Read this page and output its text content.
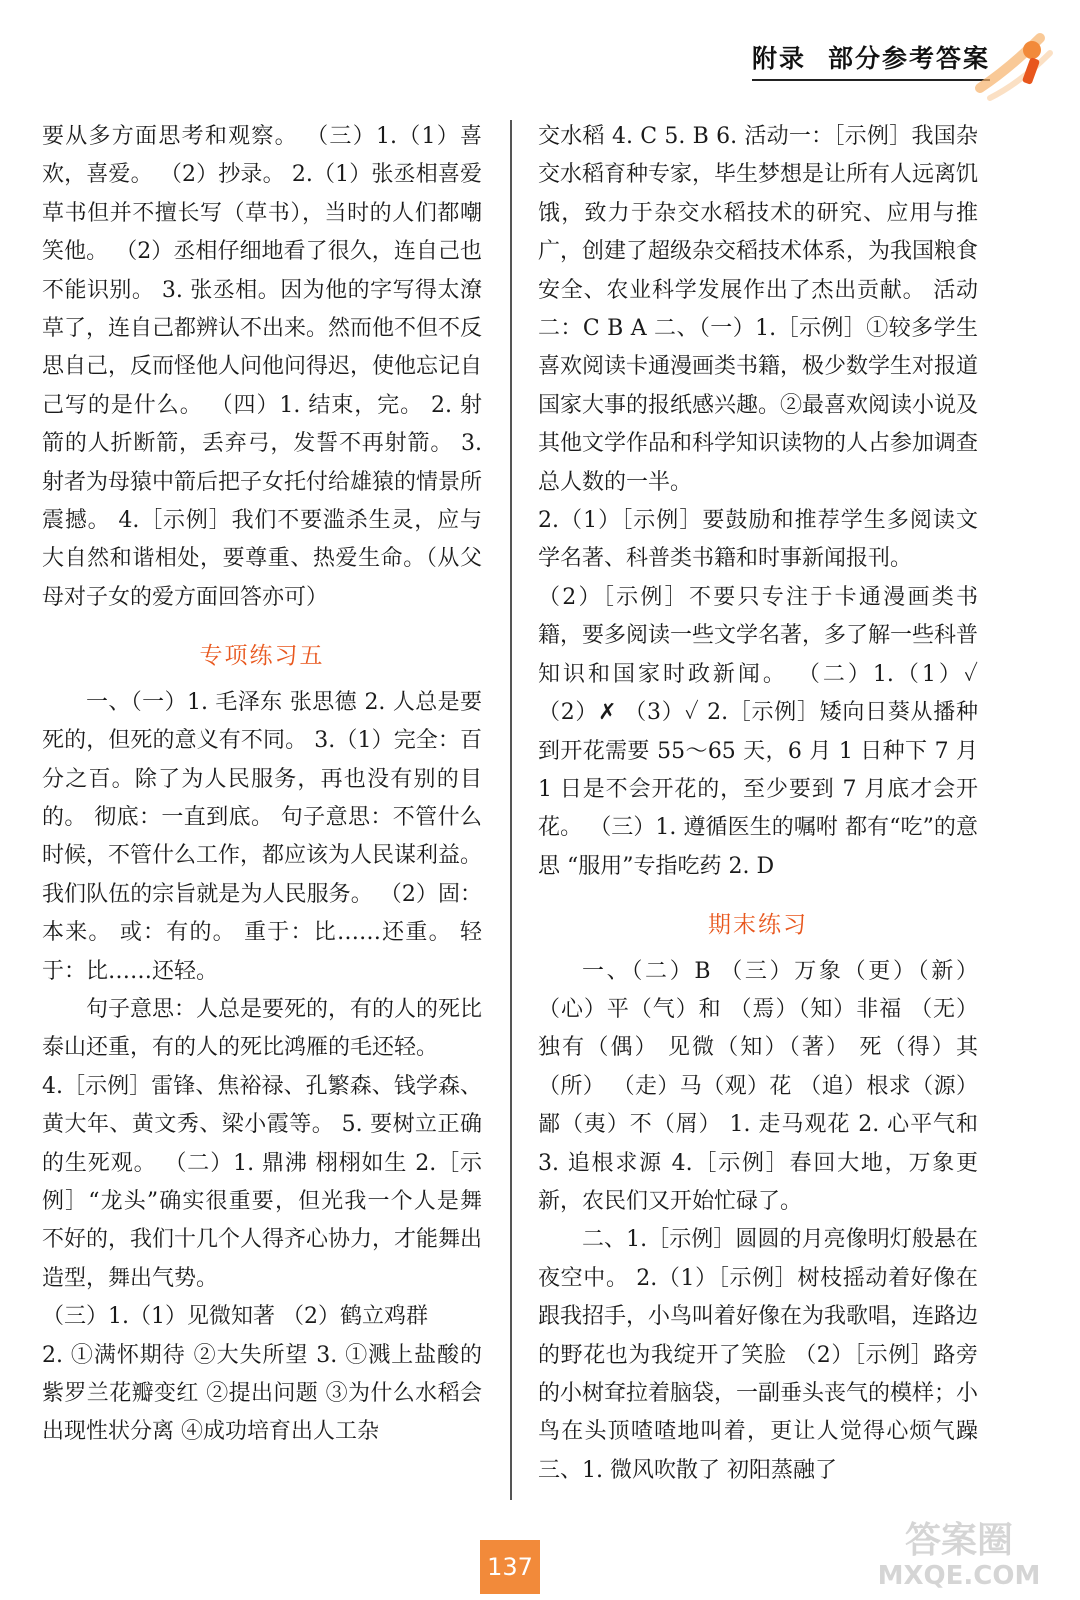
附录 部分参考答案
要从多方面思考和观察。 （三）1.（1）喜欢，喜爱。 （2）抄录。 2.（1）张丞相喜爱草书但并不擅长写（草书），当时的人们都嘲笑他。 （2）丞相仔细地看了很久，连自己也不能识别。 3. 张丞相。因为他的字写得太潦草了，连自己都辨认不出来。然而他不但不反思自己，反而怪他人问他问得迟，使他忘记自己写的是什么。 （四）1. 结束，完。 2. 射箭的人折断箭，丢弃弓，发誓不再射箭。 3. 射者为母猿中箭后把子女托付给雄猿的情景所震撼。 4.［示例］我们不要滥杀生灵，应与大自然和谐相处，要尊重、热爱生命。（从父母对子女的爱方面回答亦可）
专项练习五
一、（一）1. 毛泽东 张思德 2. 人总是要死的，但死的意义有不同。 3.（1）完全：百分之百。除了为人民服务，再也没有别的目的。 彻底：一直到底。 句子意思：不管什么时候，不管什么工作，都应该为人民谋利益。我们队伍的宗旨就是为人民服务。 （2）固：本来。 或：有的。 重于：比……还重。 轻于：比……还轻。
句子意思：人总是要死的，有的人的死比泰山还重，有的人的死比鸿雁的毛还轻。
4.［示例］雷锋、焦裕禄、孔繁森、钱学森、黄大年、黄文秀、梁小霞等。 5. 要树立正确的生死观。 （二）1. 鼎沸 栩栩如生 2.［示例］“龙头”确实很重要，但光我一个人是舞不好的，我们十几个人得齐心协力，才能舞出造型，舞出气势。
（三）1.（1）见微知著 （2）鹤立鸡群
2. ①满怀期待 ②大失所望 3. ①溅上盐酸的紫罗兰花瓣变红 ②提出问题 ③为什么水稻会出现性状分离 ④成功培育出人工杂
交水稻 4. C 5. B 6. 活动一：［示例］我国杂交水稻育种专家，毕生梦想是让所有人远离饥饿，致力于杂交水稻技术的研究、应用与推广，创建了超级杂交稻技术体系，为我国粮食安全、农业科学发展作出了杰出贡献。 活动二：C B A 二、（一）1.［示例］①较多学生喜欢阅读卡通漫画类书籍，极少数学生对报道国家大事的报纸感兴趣。②最喜欢阅读小说及其他文学作品和科学知识读物的人占参加调查总人数的一半。
2.（1）［示例］要鼓励和推荐学生多阅读文学名著、科普类书籍和时事新闻报刊。
（2）［示例］不要只专注于卡通漫画类书籍，要多阅读一些文学名著，多了解一些科普知识和国家时政新闻。 （二）1.（1）✓ （2）✗ （3）✓ 2.［示例］矮向日葵从播种到开花需要 55～65 天，6 月 1 日种下 7 月 1 日是不会开花的，至少要到 7 月底才会开花。 （三）1. 遵循医生的嘱咐 都有“吃”的意思 “服用”专指吃药 2. D
期末练习
一、（二）B （三）万象（更）（新）（心）平（气）和 （焉）（知）非福 （无）独有（偶） 见微（知）（著） 死（得）其（所） （走）马（观）花 （追）根求（源） 鄙（夷）不（屑） 1. 走马观花 2. 心平气和 3. 追根求源 4.［示例］春回大地，万象更新，农民们又开始忙碌了。
二、1.［示例］圆圆的月亮像明灯般悬在夜空中。 2.（1）［示例］树枝摇动着好像在跟我招手，小鸟叫着好像在为我歌唱，连路边的野花也为我绽开了笑脸 （2）［示例］路旁的小树耷拉着脑袋，一副垂头丧气的模样；小鸟在头顶喳喳地叫着，更让人觉得心烦气躁 三、1. 微风吹散了 初阳蒸融了
137
答案圈
MXQE.COM
